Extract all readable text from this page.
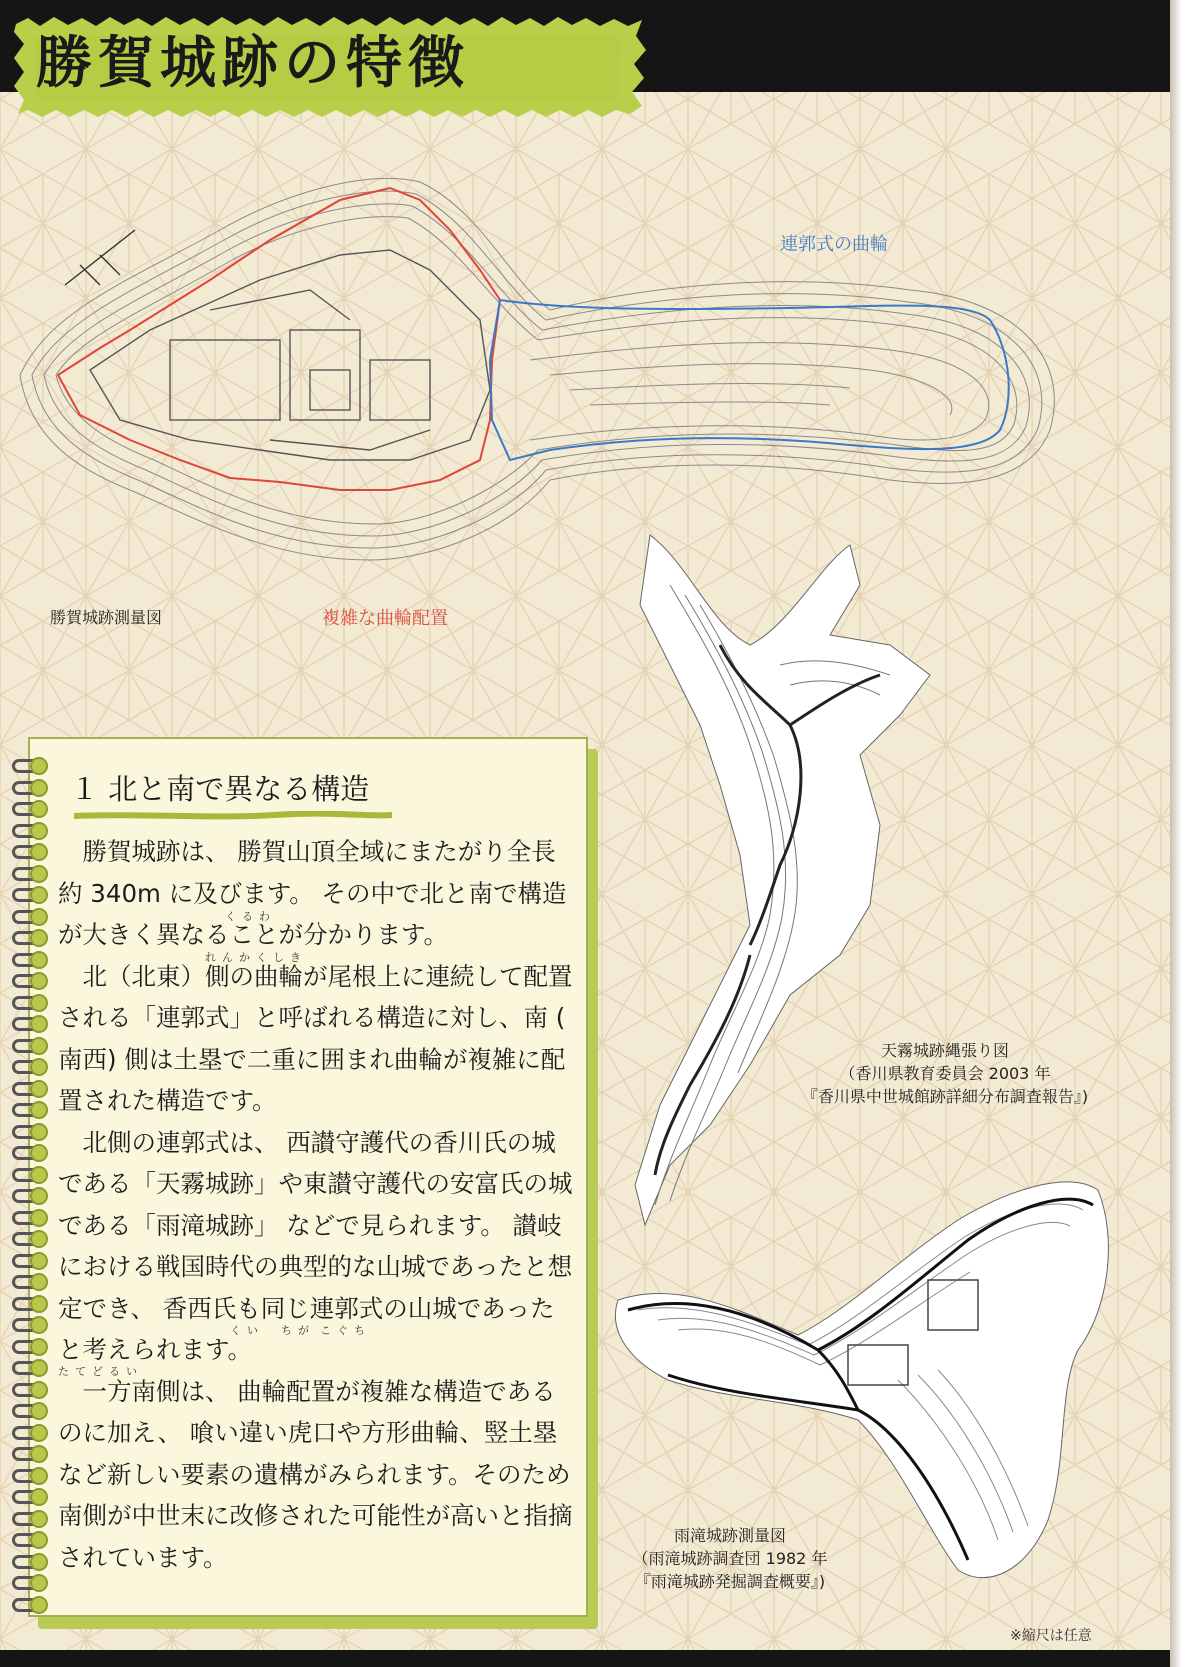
勝賀城跡の特徴
連郭式の曲輪
複雑な曲輪配置
勝賀城跡測量図
天霧城跡縄張り図
（香川県教育委員会 2003 年
『香川県中世城館跡詳細分布調査報告』)
雨滝城跡測量図
（雨滝城跡調査団 1982 年
『雨滝城跡発掘調査概要』)
※縮尺は任意
１ 北と南で異なる構造

勝賀城跡は、 勝賀山頂全域にまたがり全長約 340m に及びます。 その中で北と南で構造が大きく異なることが分かります。

北（北東）側の曲輪が尾根上に連続して配置される「連郭式」と呼ばれる構造に対し、南 ( 南西) 側は土塁で二重に囲まれ曲輪が複雑に配置された構造です。

北側の連郭式は、 西讃守護代の香川氏の城である「天霧城跡」や東讃守護代の安富氏の城である「雨滝城跡」 などで見られます。 讃岐における戦国時代の典型的な山城であったと想定でき、 香西氏も同じ連郭式の山城であったと考えられます。

一方南側は、 曲輪配置が複雑な構造であるのに加え、 喰い違い虎口や方形曲輪、竪土塁など新しい要素の遺構がみられます。そのため南側が中世末に改修された可能性が高いと指摘されています。

くるわ
れんかくしき
くい　ちが こぐち
たてどるい
